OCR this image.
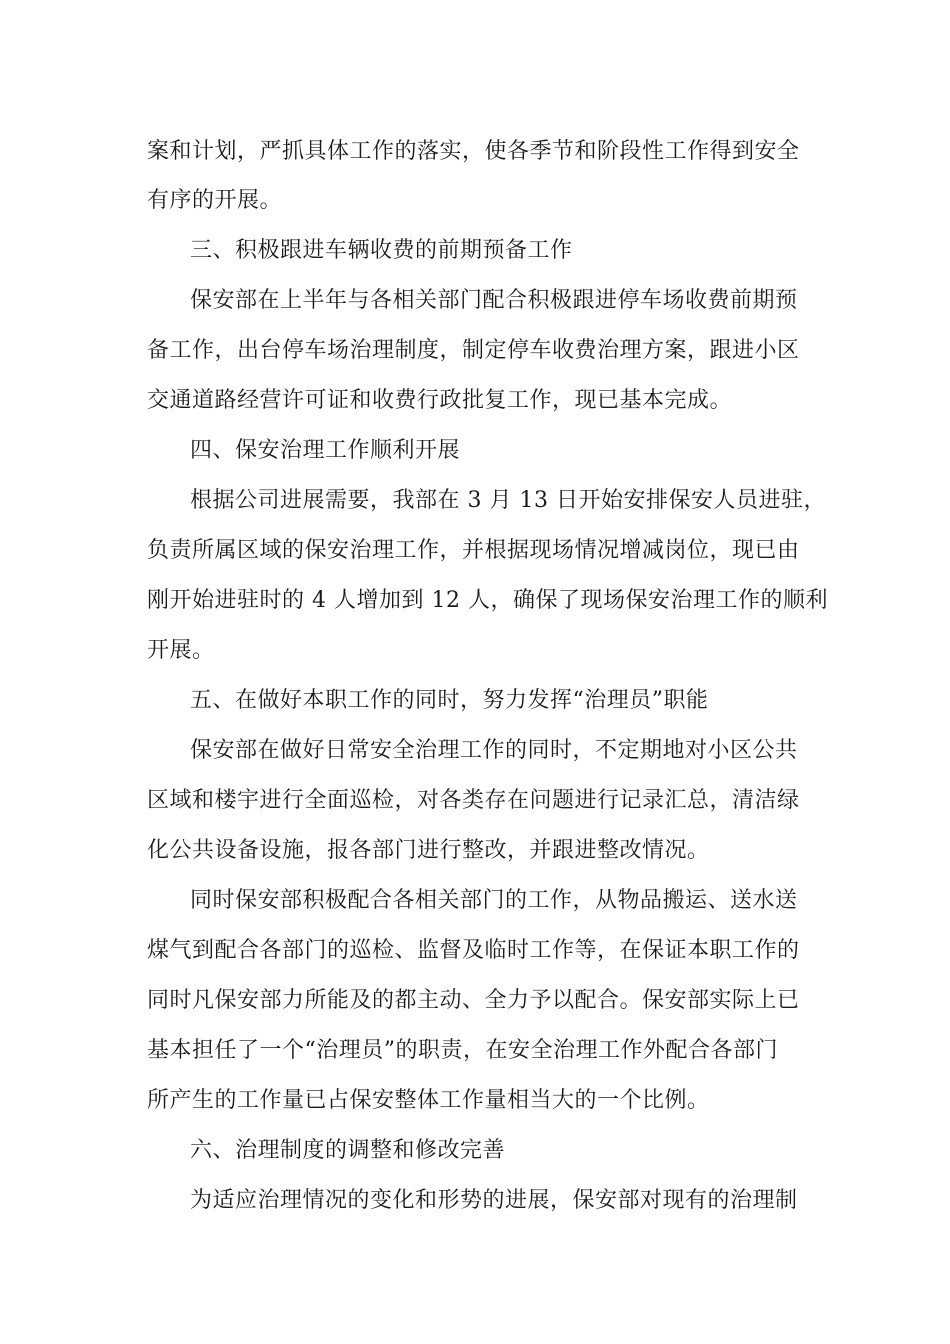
案和计划，严抓具体工作的落实，使各季节和阶段性工作得到安全
有序的开展。
三、积极跟进车辆收费的前期预备工作
保安部在上半年与各相关部门配合积极跟进停车场收费前期预
备工作，出台停车场治理制度，制定停车收费治理方案，跟进小区
交通道路经营许可证和收费行政批复工作，现已基本完成。
四、保安治理工作顺利开展
根据公司进展需要，我部在 3 月 13 日开始安排保安人员进驻，
负责所属区域的保安治理工作，并根据现场情况增减岗位，现已由
刚开始进驻时的 4 人增加到 12 人，确保了现场保安治理工作的顺利
开展。
五、在做好本职工作的同时，努力发挥“治理员”职能
保安部在做好日常安全治理工作的同时，不定期地对小区公共
区域和楼宇进行全面巡检，对各类存在问题进行记录汇总，清洁绿
化公共设备设施，报各部门进行整改，并跟进整改情况。
同时保安部积极配合各相关部门的工作，从物品搬运、送水送
煤气到配合各部门的巡检、监督及临时工作等，在保证本职工作的
同时凡保安部力所能及的都主动、全力予以配合。保安部实际上已
基本担任了一个“治理员”的职责，在安全治理工作外配合各部门
所产生的工作量已占保安整体工作量相当大的一个比例。
六、治理制度的调整和修改完善
为适应治理情况的变化和形势的进展，保安部对现有的治理制
